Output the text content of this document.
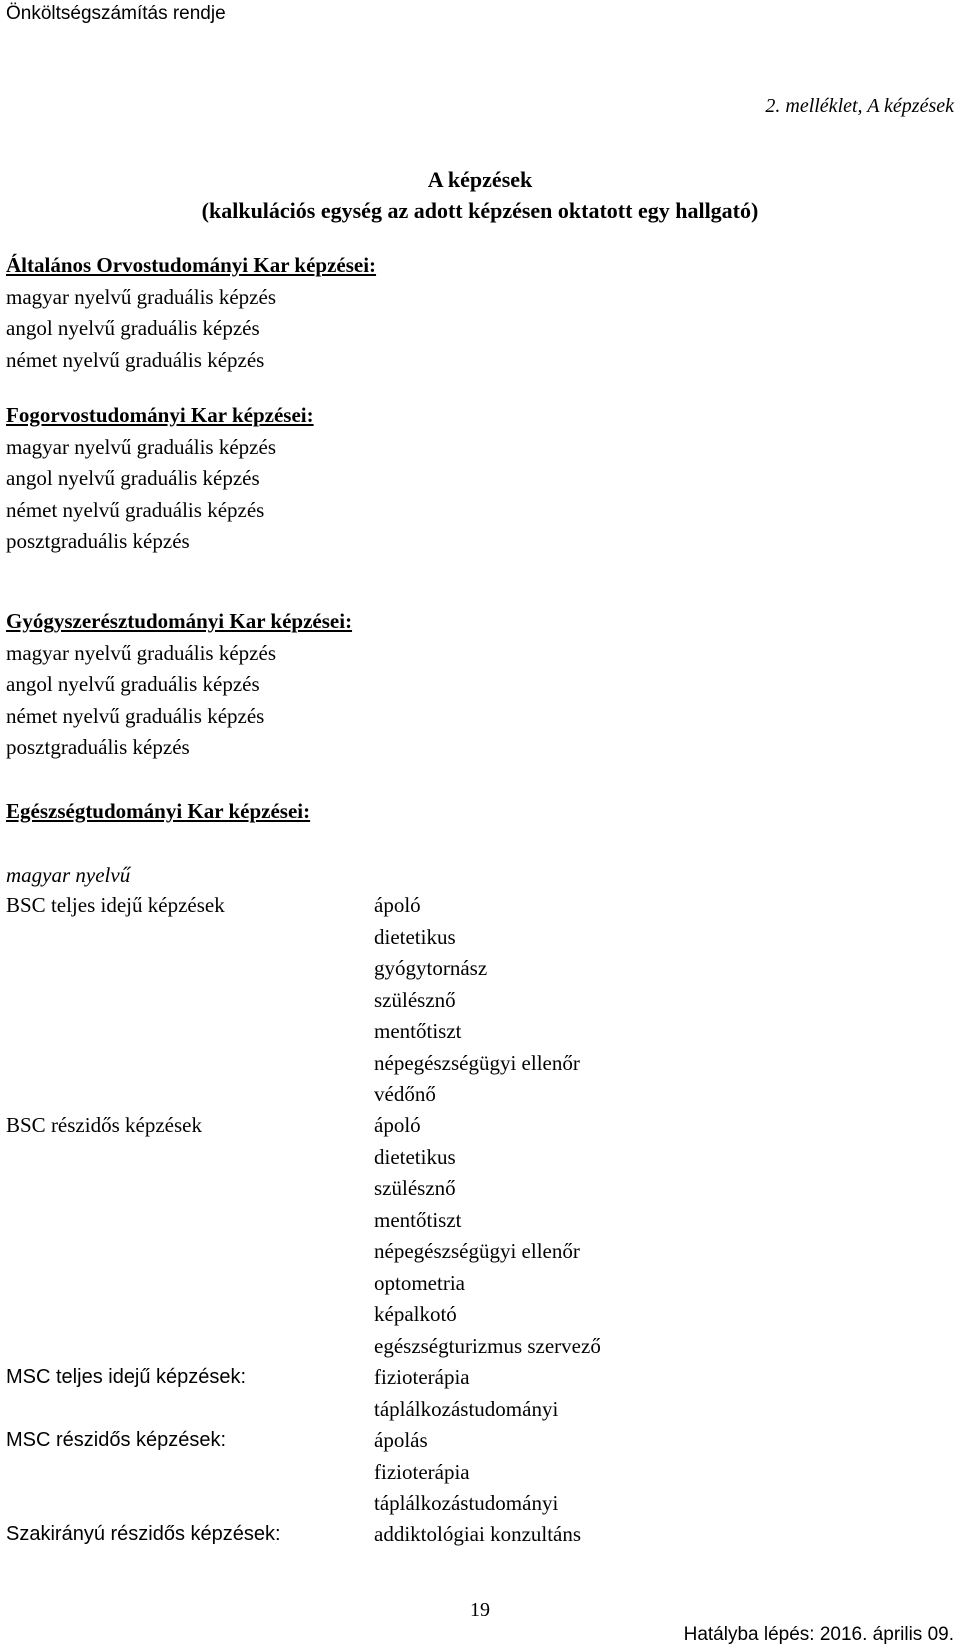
Önköltségszámítás rendje
2. melléklet, A képzések
A képzések
(kalkulációs egység az adott képzésen oktatott egy hallgató)
Általános Orvostudományi Kar képzései:
magyar nyelvű graduális képzés
angol nyelvű graduális képzés
német nyelvű graduális képzés
Fogorvostudományi Kar képzései:
magyar nyelvű graduális képzés
angol nyelvű graduális képzés
német nyelvű graduális képzés
posztgraduális képzés
Gyógyszerésztudományi Kar képzései:
magyar nyelvű graduális képzés
angol nyelvű graduális képzés
német nyelvű graduális képzés
posztgraduális képzés
Egészségtudományi Kar képzései:
magyar nyelvű
BSC teljes idejű képzések	ápoló
dietetikus
gyógytornász
szülésznő
mentőtiszt
népegészségügyi ellenőr
védőnő
BSC részidős képzések	ápoló
dietetikus
szülésznő
mentőtiszt
népegészségügyi ellenőr
optometria
képalkotó
egészségturizmus szervező
MSC teljes idejű képzések:	fizioterápia
táplálkozástudományi
MSC részidős képzések:	ápolás
fizioterápia
táplálkozástudományi
Szakirányú részidős képzések:	addiktológiai konzultáns
19
Hatályba lépés: 2016. április 09.
